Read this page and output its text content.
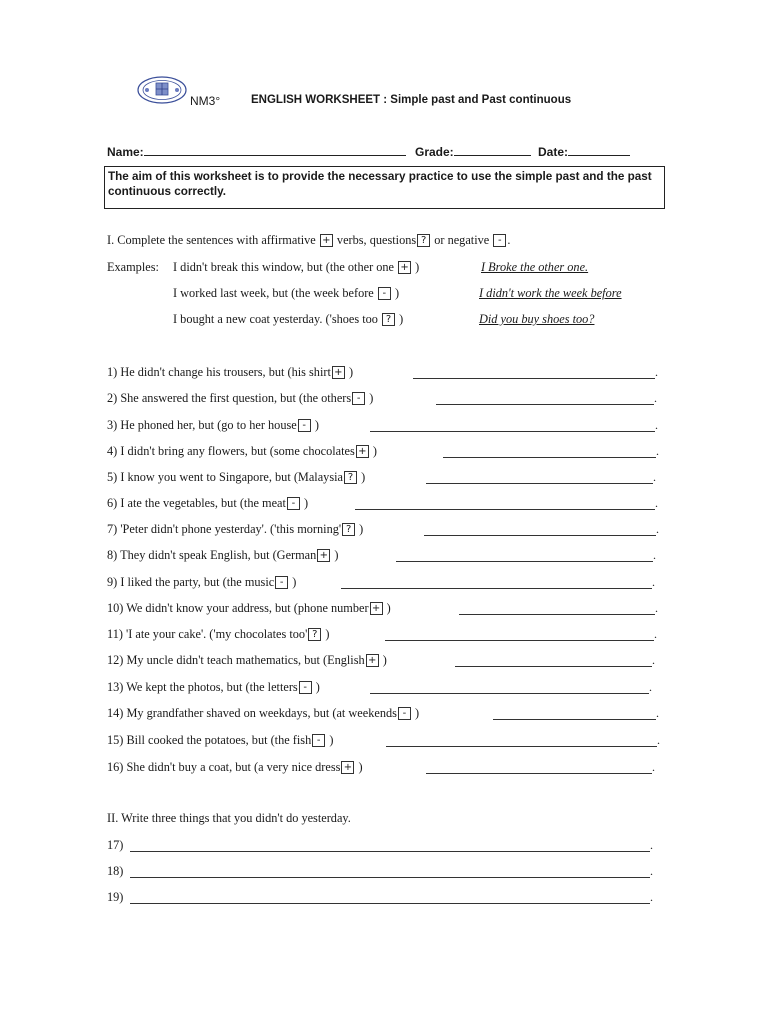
NM3°	ENGLISH WORKSHEET : Simple past and Past continuous
Name:	Grade:	Date:
The aim of this worksheet is to provide the necessary practice to use the simple past and the past continuous correctly.
I. Complete the sentences with affirmative + verbs, questions ? or negative - .
Examples: I didn't break this window, but (the other one + )	I Broke the other one.
I worked last week, but (the week before - )	I didn't work the week before
I bought a new coat yesterday. ('shoes too ? )	Did you buy shoes too?
1) He didn't change his trousers, but (his shirt + )	.
2) She answered the first question, but (the others - )	.
3) He phoned her, but (go to her house - )	.
4) I didn't bring any flowers, but (some chocolates + )	.
5) I know you went to Singapore, but (Malaysia ? )	.
6) I ate the vegetables, but (the meat - )	.
7) 'Peter didn't phone yesterday'. ('this morning' ? )	.
8) They didn't speak English, but (German + )	.
9) I liked the party, but (the music - )	.
10) We didn't know your address, but (phone number + )	.
11) 'I ate your cake'. ('my chocolates too' ? )	.
12) My uncle didn't teach mathematics, but (English + )	.
13) We kept the photos, but (the letters - )	.
14) My grandfather shaved on weekdays, but (at weekends - )	.
15) Bill cooked the potatoes, but (the fish - )	.
16) She didn't buy a coat, but (a very nice dress + )	.
II. Write three things that you didn't do yesterday.
17)	.
18)	.
19)	.
